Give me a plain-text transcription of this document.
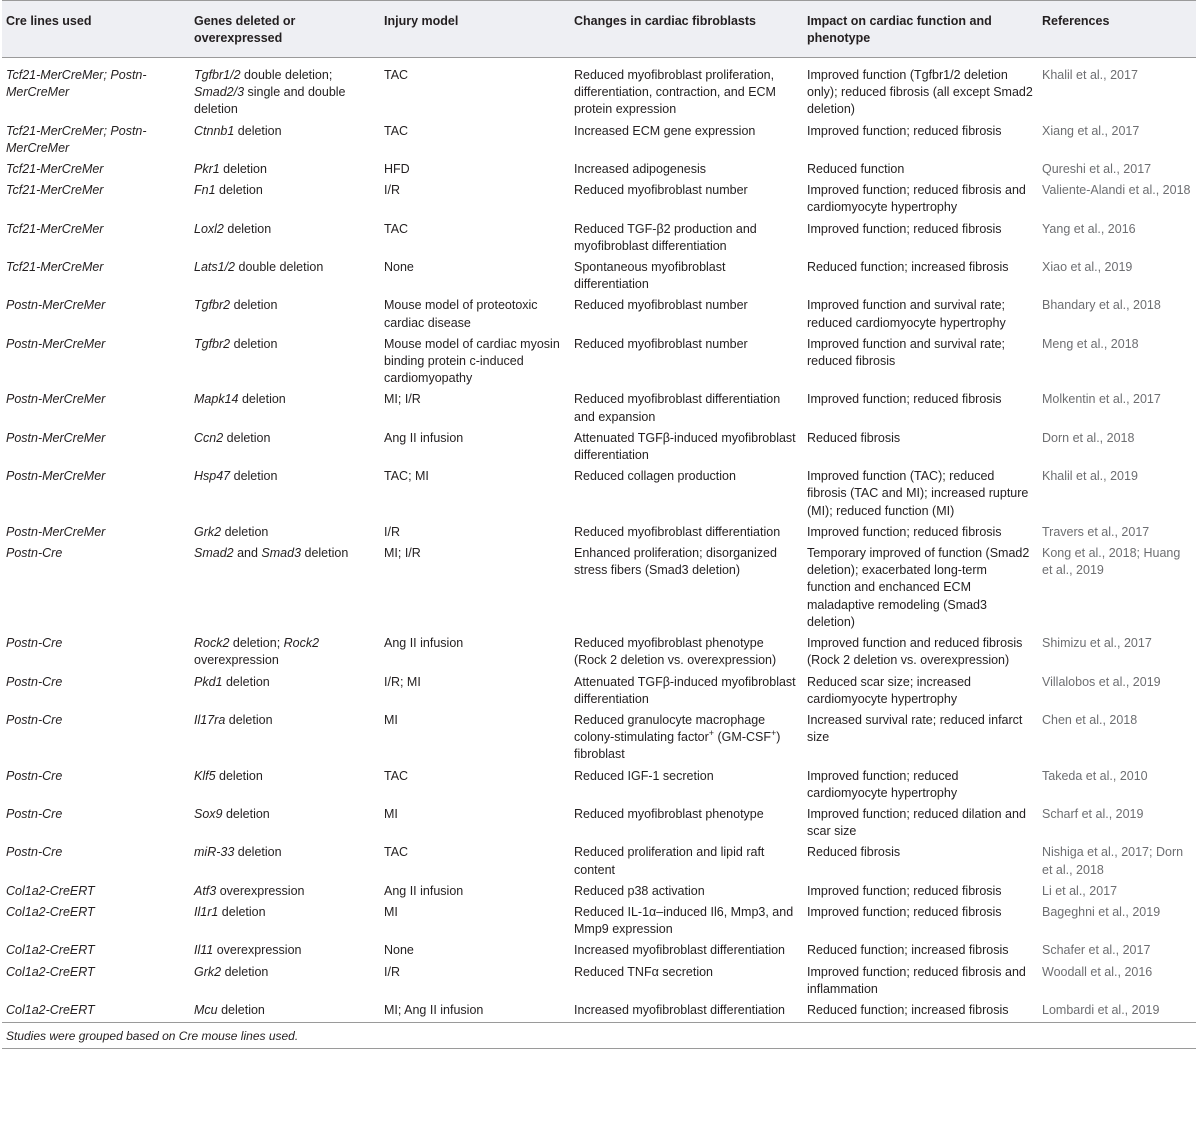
Cre lines used	Genes deleted or overexpressed	Injury model	Changes in cardiac fibroblasts	Impact on cardiac function and phenotype	References
Tcf21-MerCreMer; Postn-MerCreMer	Tgfbr1/2 double deletion; Smad2/3 single and double deletion	TAC	Reduced myofibroblast proliferation, differentiation, contraction, and ECM protein expression	Improved function (Tgfbr1/2 deletion only); reduced fibrosis (all except Smad2 deletion)	Khalil et al., 2017
Tcf21-MerCreMer; Postn-MerCreMer	Ctnnb1 deletion	TAC	Increased ECM gene expression	Improved function; reduced fibrosis	Xiang et al., 2017
Tcf21-MerCreMer	Pkr1 deletion	HFD	Increased adipogenesis	Reduced function	Qureshi et al., 2017
Tcf21-MerCreMer	Fn1 deletion	I/R	Reduced myofibroblast number	Improved function; reduced fibrosis and cardiomyocyte hypertrophy	Valiente-Alandi et al., 2018
Tcf21-MerCreMer	Loxl2 deletion	TAC	Reduced TGF-β2 production and myofibroblast differentiation	Improved function; reduced fibrosis	Yang et al., 2016
Tcf21-MerCreMer	Lats1/2 double deletion	None	Spontaneous myofibroblast differentiation	Reduced function; increased fibrosis	Xiao et al., 2019
Postn-MerCreMer	Tgfbr2 deletion	Mouse model of proteotoxic cardiac disease	Reduced myofibroblast number	Improved function and survival rate; reduced cardiomyocyte hypertrophy	Bhandary et al., 2018
Postn-MerCreMer	Tgfbr2 deletion	Mouse model of cardiac myosin binding protein c-induced cardiomyopathy	Reduced myofibroblast number	Improved function and survival rate; reduced fibrosis	Meng et al., 2018
Postn-MerCreMer	Mapk14 deletion	MI; I/R	Reduced myofibroblast differentiation and expansion	Improved function; reduced fibrosis	Molkentin et al., 2017
Postn-MerCreMer	Ccn2 deletion	Ang II infusion	Attenuated TGFβ-induced myofibroblast differentiation	Reduced fibrosis	Dorn et al., 2018
Postn-MerCreMer	Hsp47 deletion	TAC; MI	Reduced collagen production	Improved function (TAC); reduced fibrosis (TAC and MI); increased rupture (MI); reduced function (MI)	Khalil et al., 2019
Postn-MerCreMer	Grk2 deletion	I/R	Reduced myofibroblast differentiation	Improved function; reduced fibrosis	Travers et al., 2017
Postn-Cre	Smad2 and Smad3 deletion	MI; I/R	Enhanced proliferation; disorganized stress fibers (Smad3 deletion)	Temporary improved of function (Smad2 deletion); exacerbated long-term function and enchanced ECM maladaptive remodeling (Smad3 deletion)	Kong et al., 2018; Huang et al., 2019
Postn-Cre	Rock2 deletion; Rock2 overexpression	Ang II infusion	Reduced myofibroblast phenotype (Rock 2 deletion vs. overexpression)	Improved function and reduced fibrosis (Rock 2 deletion vs. overexpression)	Shimizu et al., 2017
Postn-Cre	Pkd1 deletion	I/R; MI	Attenuated TGFβ-induced myofibroblast differentiation	Reduced scar size; increased cardiomyocyte hypertrophy	Villalobos et al., 2019
Postn-Cre	Il17ra deletion	MI	Reduced granulocyte macrophage colony-stimulating factor+ (GM-CSF+) fibroblast	Increased survival rate; reduced infarct size	Chen et al., 2018
Postn-Cre	Klf5 deletion	TAC	Reduced IGF-1 secretion	Improved function; reduced cardiomyocyte hypertrophy	Takeda et al., 2010
Postn-Cre	Sox9 deletion	MI	Reduced myofibroblast phenotype	Improved function; reduced dilation and scar size	Scharf et al., 2019
Postn-Cre	miR-33 deletion	TAC	Reduced proliferation and lipid raft content	Reduced fibrosis	Nishiga et al., 2017; Dorn et al., 2018
Col1a2-CreERT	Atf3 overexpression	Ang II infusion	Reduced p38 activation	Improved function; reduced fibrosis	Li et al., 2017
Col1a2-CreERT	Il1r1 deletion	MI	Reduced IL-1α–induced Il6, Mmp3, and Mmp9 expression	Improved function; reduced fibrosis	Bageghni et al., 2019
Col1a2-CreERT	Il11 overexpression	None	Increased myofibroblast differentiation	Reduced function; increased fibrosis	Schafer et al., 2017
Col1a2-CreERT	Grk2 deletion	I/R	Reduced TNFα secretion	Improved function; reduced fibrosis and inflammation	Woodall et al., 2016
Col1a2-CreERT	Mcu deletion	MI; Ang II infusion	Increased myofibroblast differentiation	Reduced function; increased fibrosis	Lombardi et al., 2019
Studies were grouped based on Cre mouse lines used.
